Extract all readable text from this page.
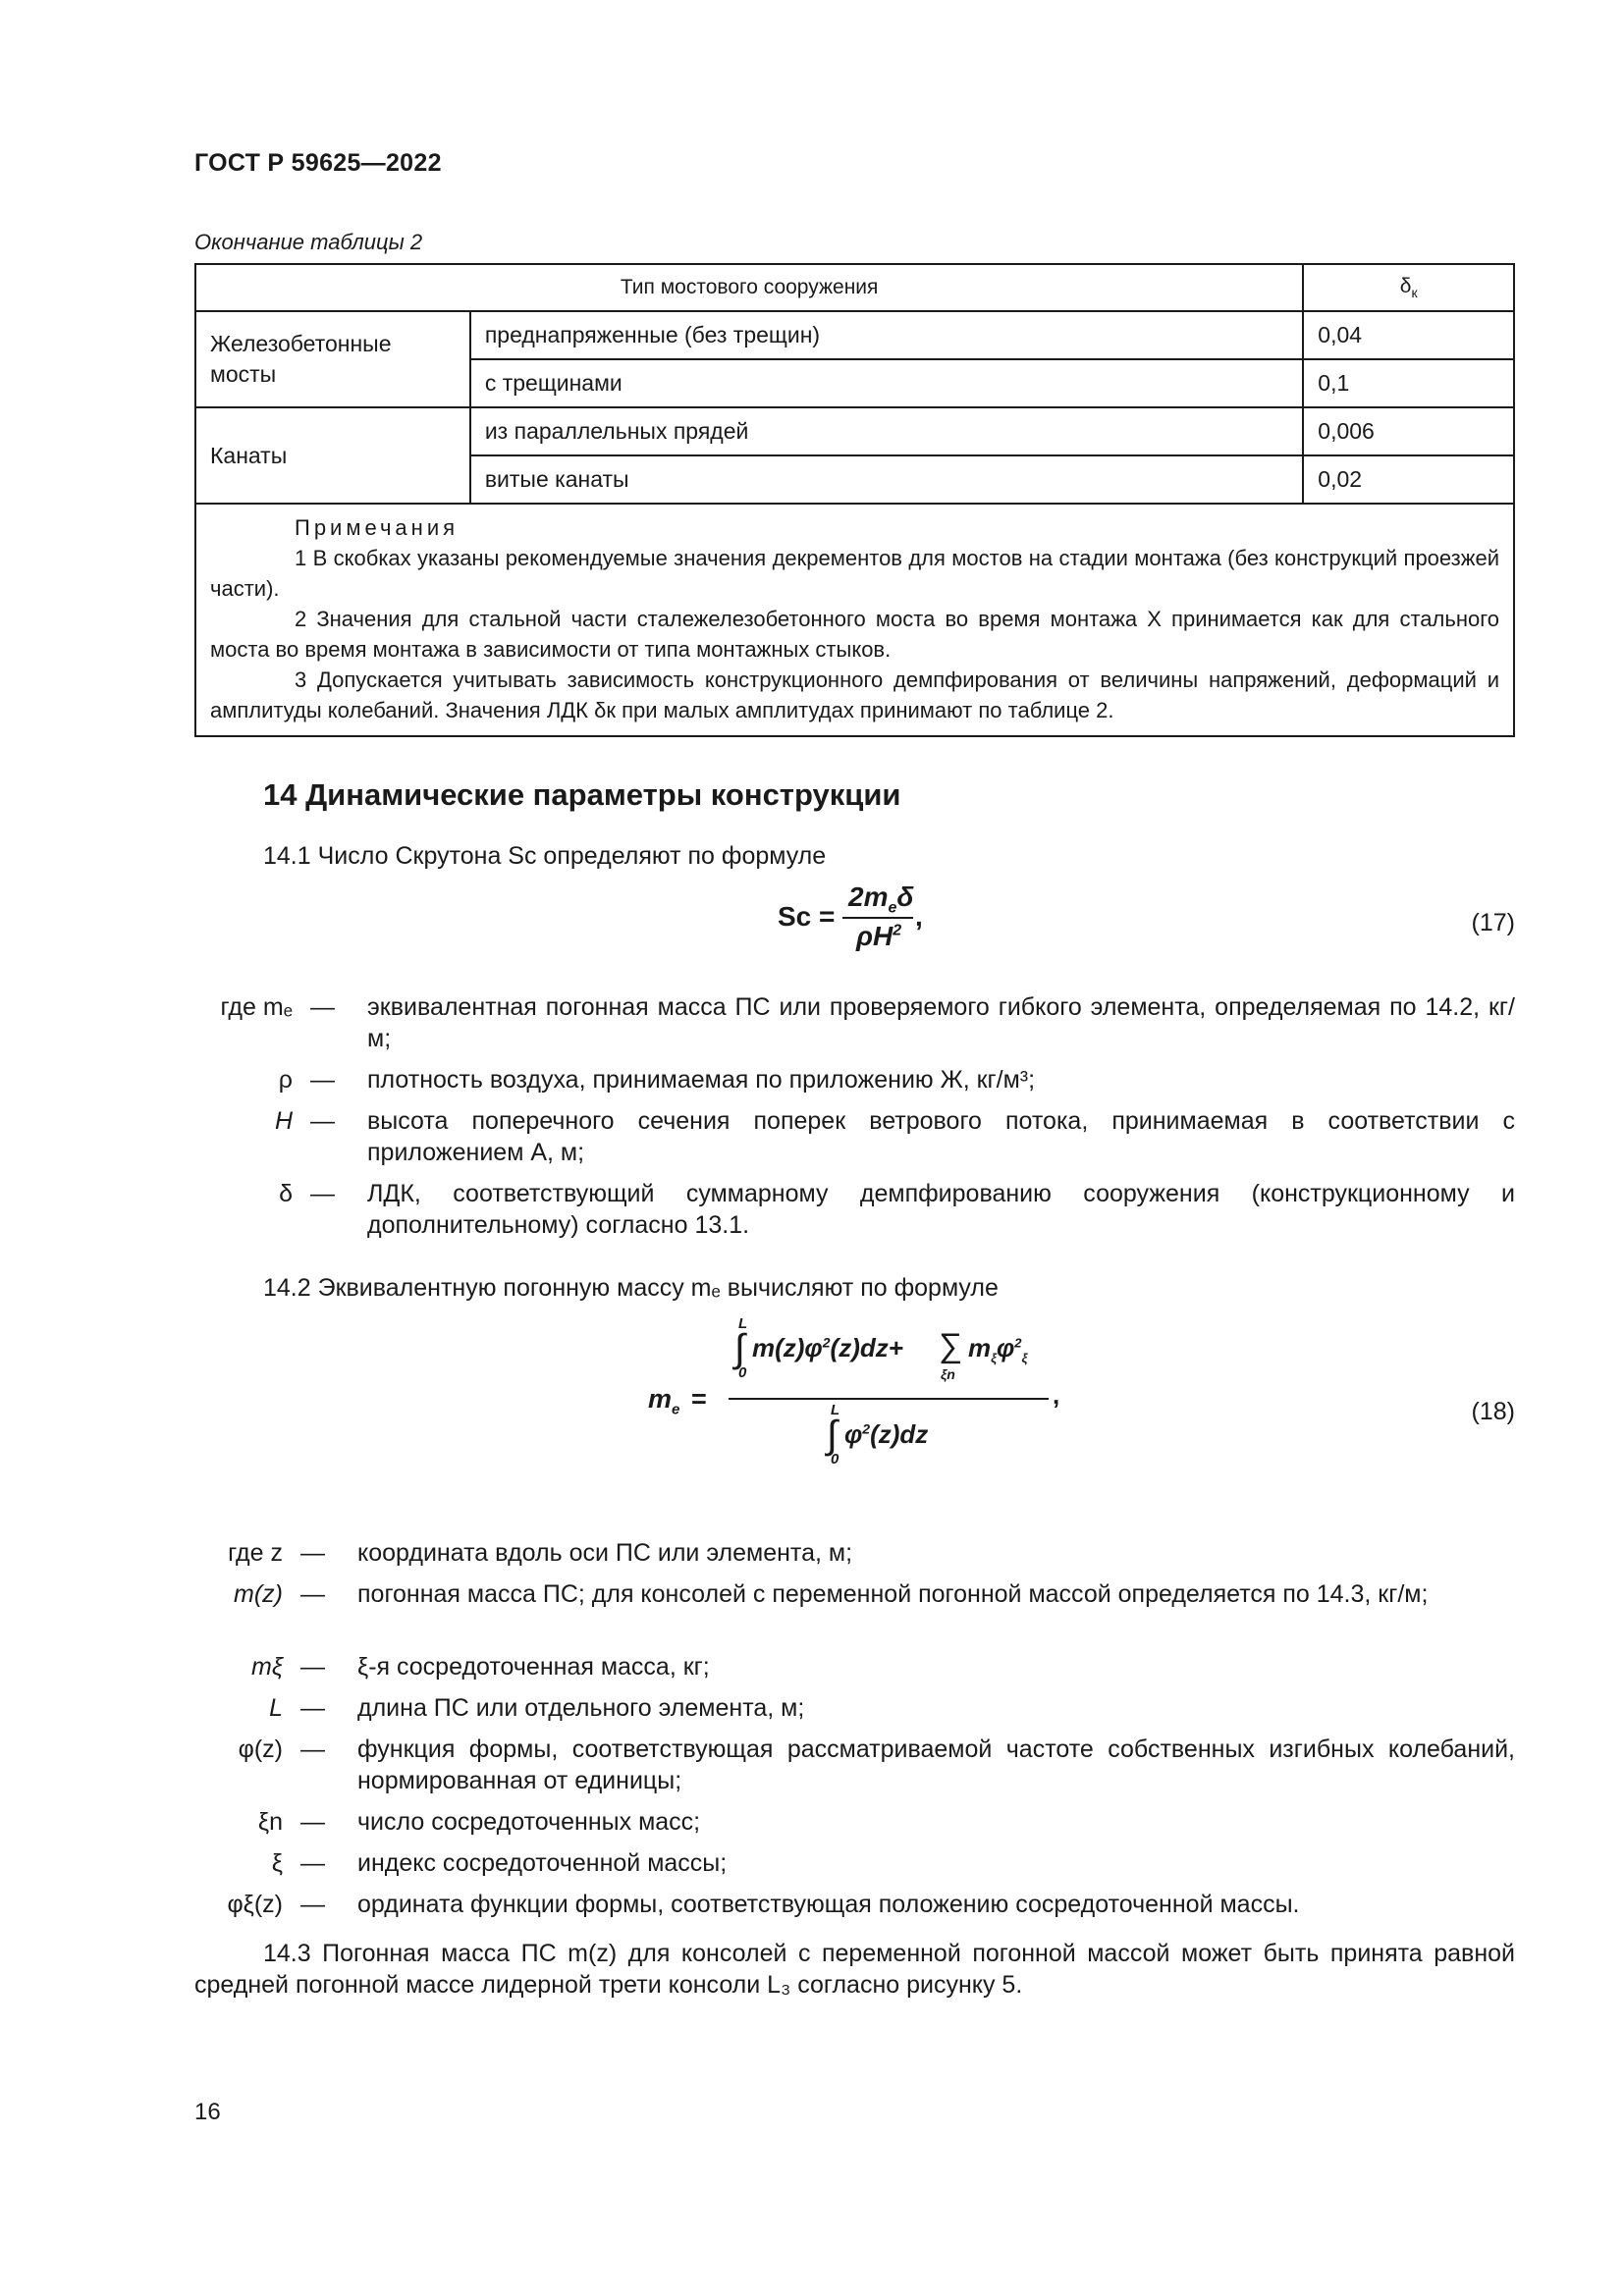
ГОСТ Р 59625—2022
Окончание таблицы 2
Тип мостового сооружения		$\delta_к$
Железобетонные мосты	преднапряженные (без трещин)	0,04
	с трещинами	0,1
Канаты	из параллельных прядей	0,006
	витые канаты	0,02

Примечания
1 В скобках указаны рекомендуемые значения декрементов для мостов на стадии монтажа (без конструкций проезжей части).
2 Значения для стальной части сталежелезобетонного моста во время монтажа X принимается как для стального моста во время монтажа в зависимости от типа монтажных стыков.
3 Допускается учитывать зависимость конструкционного демпфирования от величины напряжений, деформаций и амплитуды колебаний. Значения ЛДК δк при малых амплитудах принимают по таблице 2.		
14 Динамические параметры конструкции
14.1 Число Скрутона Sc определяют по формуле
Sc =
$2m_e\delta$
$\rho H^2$ ,	(17)
где mₑ — эквивалентная погонная масса ПС или проверяемого гибкого элемента, определяемая по 14.2, кг/м;
ρ — плотность воздуха, принимаемая по приложению Ж, кг/м³;
H — высота поперечного сечения поперек ветрового потока, принимаемая в соответствии с приложением А, м;
δ — ЛДК, соответствующий суммарному демпфированию сооружения (конструкционному и дополнительному) согласно 13.1.
14.2 Эквивалентную погонную массу mₑ вычисляют по формуле
$m_e$ =
L
∫
0
$m(z)\varphi^2(z)dz+$ ∑
ξn
$m_\xi\varphi^2_\xi$
L
∫
0
$\varphi^2(z)dz$
,
(18)
где z — координата вдоль оси ПС или элемента, м;
m(z) — погонная масса ПС; для консолей с переменной погонной массой определяется по 14.3, кг/м;
mξ — ξ-я сосредоточенная масса, кг;
L — длина ПС или отдельного элемента, м;
φ(z) — функция формы, соответствующая рассматриваемой частоте собственных изгибных колебаний, нормированная от единицы;
ξn — число сосредоточенных масс;
ξ — индекс сосредоточенной массы;
φξ(z) — ордината функции формы, соответствующая положению сосредоточенной массы.
14.3 Погонная масса ПС m(z) для консолей с переменной погонной массой может быть принята равной средней погонной массе лидерной трети консоли L₃ согласно рисунку 5.
16
